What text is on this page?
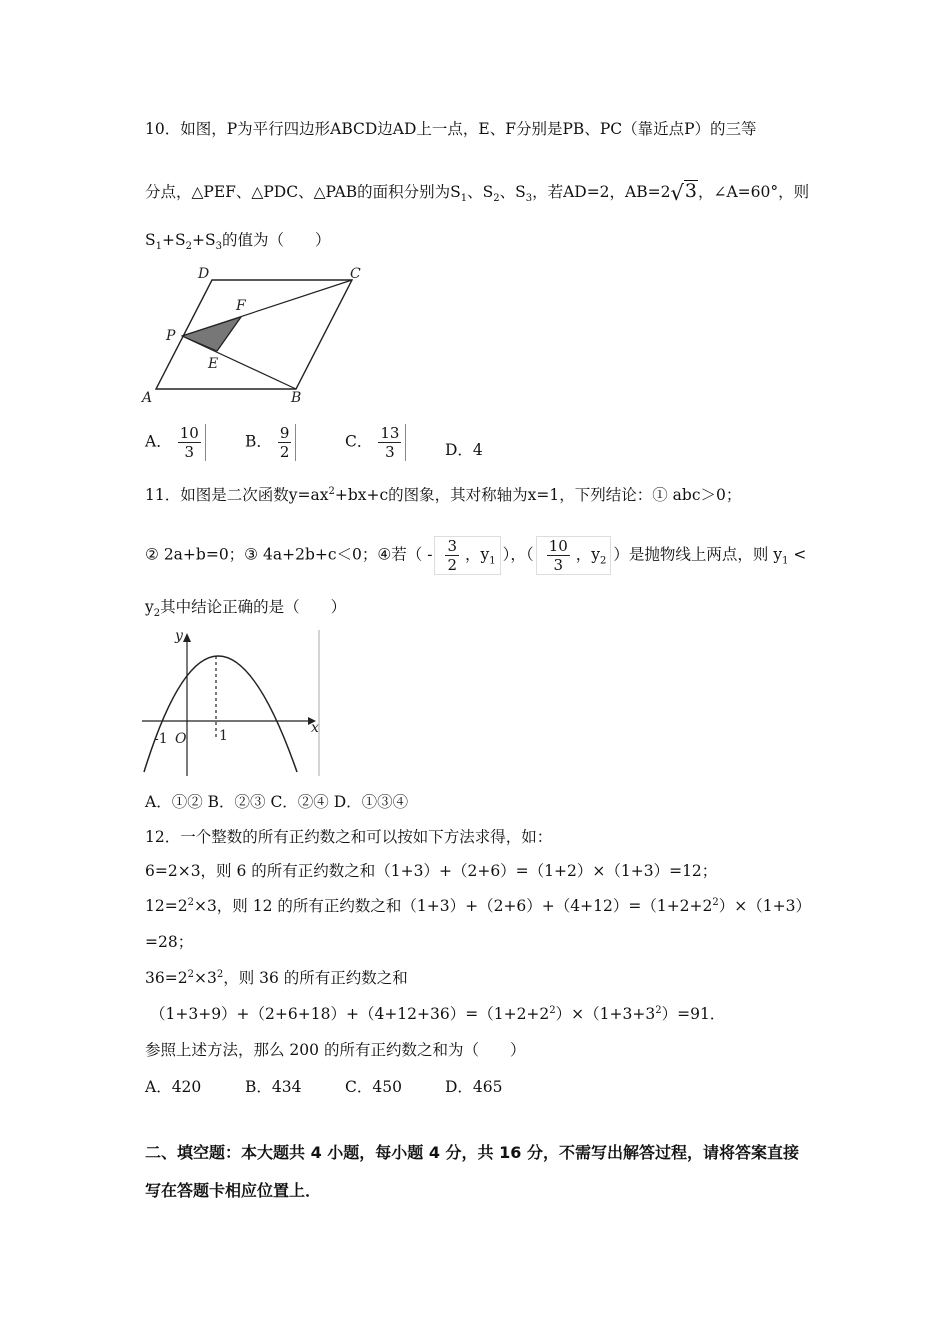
10．如图，P为平行四边形ABCD边AD上一点，E、F分别是PB、PC（靠近点P）的三等
分点，△PEF、△PDC、△PAB的面积分别为$S_1$、$S_2$、$S_3$，若AD=2，AB=2√3，∠A=60°，则
$S_1+S_2+S_3$的值为（　　）
A	B
C
D
P
E
F
A． $\frac{10}{3}$	B． $\frac{9}{2}$	C． $\frac{13}{3}$ D．4
11．如图是二次函数$y=ax^2+bx+c$的图象，其对称轴为x=1，下列结论：① abc＞0；
② 2a+b=0；③ 4a+2b+c＜0；④若（ - $\frac{3}{2}$ ，$y_1$ ），（ $\frac{10}{3}$ ，$y_2$ ）是抛物线上两点，则 $y_1$ <
$y_2$其中结论正确的是（　　）
y
x
-1 O 1
A．①② B．②③ C．②④ D．①③④
12．一个整数的所有正约数之和可以按如下方法求得，如：
6=2×3，则 6 的所有正约数之和（1+3）+（2+6）=（1+2）×（1+3）=12；
$12=2^2\times 3$，则 12 的所有正约数之和$(1+3)+(2+6)+(4+12)=(1+2+2^2)\times(1+3)$
=28；
$36=2^2\times 3^2$，则 36 的所有正约数之和
$(1+3+9)+(2+6+18)+(4+12+36)=(1+2+2^2)\times(1+3+3^2)=91$．
参照上述方法，那么 200 的所有正约数之和为（　　）
A．420	B．434	C．450	D．465
二、填空题：本大题共 4 小题，每小题 4 分，共 16 分，不需写出解答过程，请将答案直接
写在答题卡相应位置上．
